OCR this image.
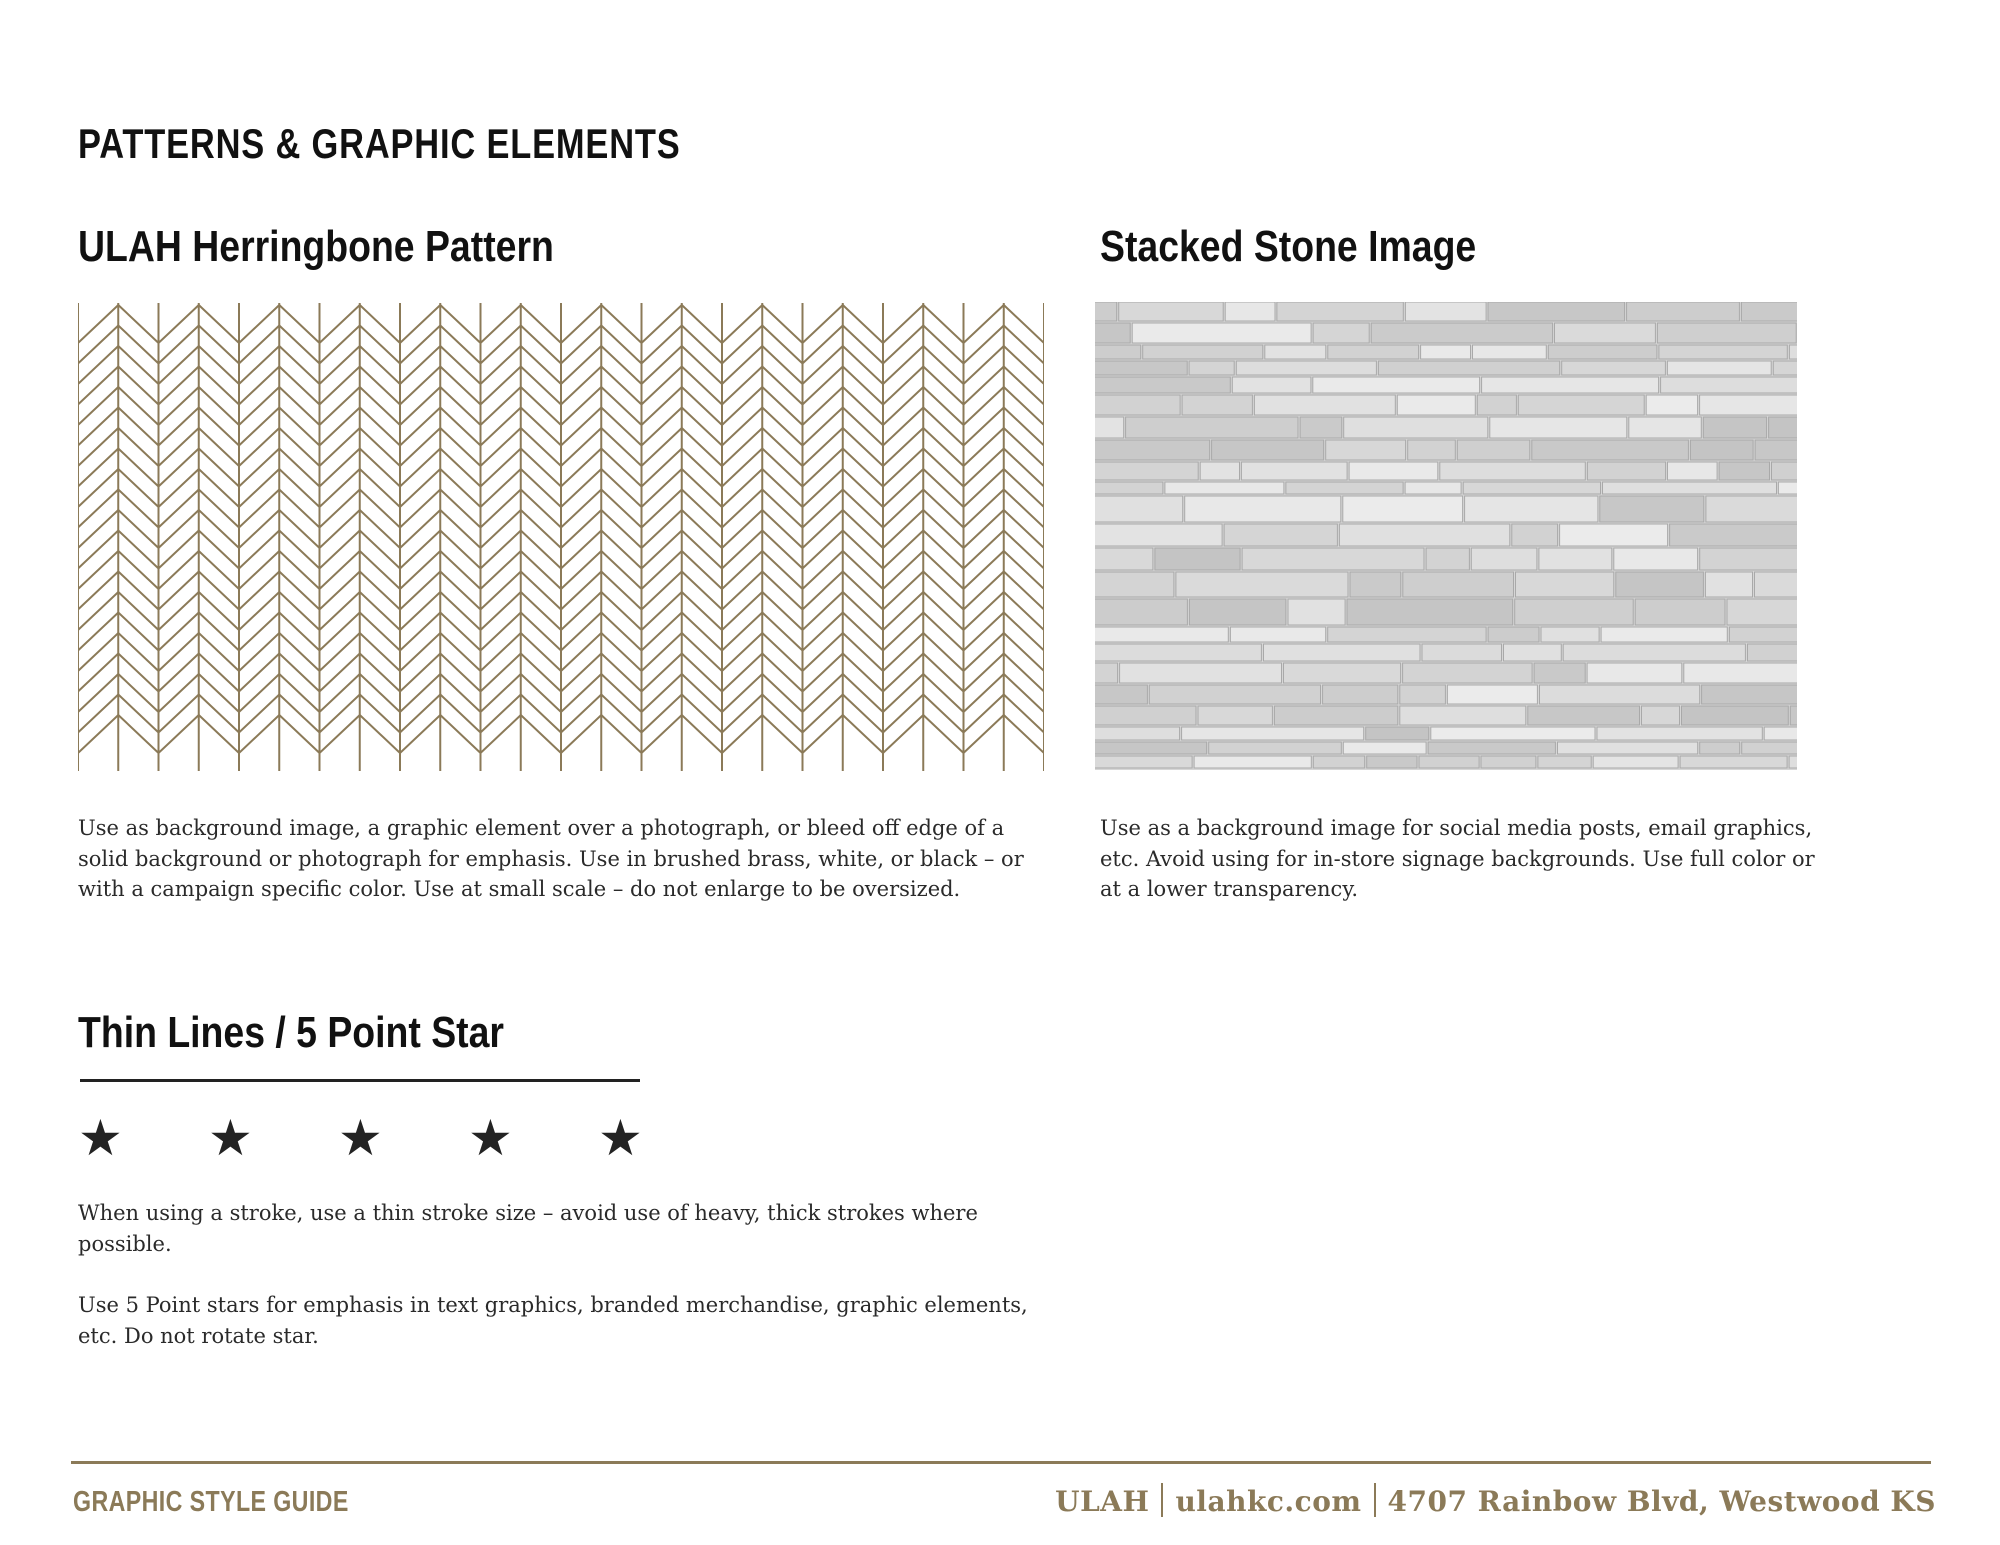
PATTERNS & GRAPHIC ELEMENTS
ULAH Herringbone Pattern

Use as background image, a graphic element over a photograph, or bleed off edge of a solid background or photograph for emphasis. Use in brushed brass, white, or black – or with a campaign specific color. Use at small scale – do not enlarge to be oversized.

Stacked Stone Image

Use as a background image for social media posts, email graphics, etc. Avoid using for in-store signage backgrounds. Use full color or at a lower transparency.

Thin Lines / 5 Point Star
★ ★ ★ ★ ★

When using a stroke, use a thin stroke size – avoid use of heavy, thick strokes where possible.

Use 5 Point stars for emphasis in text graphics, branded merchandise, graphic elements, etc. Do not rotate star.

GRAPHIC STYLE GUIDE	ULAH ulahkc.com 4707 Rainbow Blvd, Westwood KS
